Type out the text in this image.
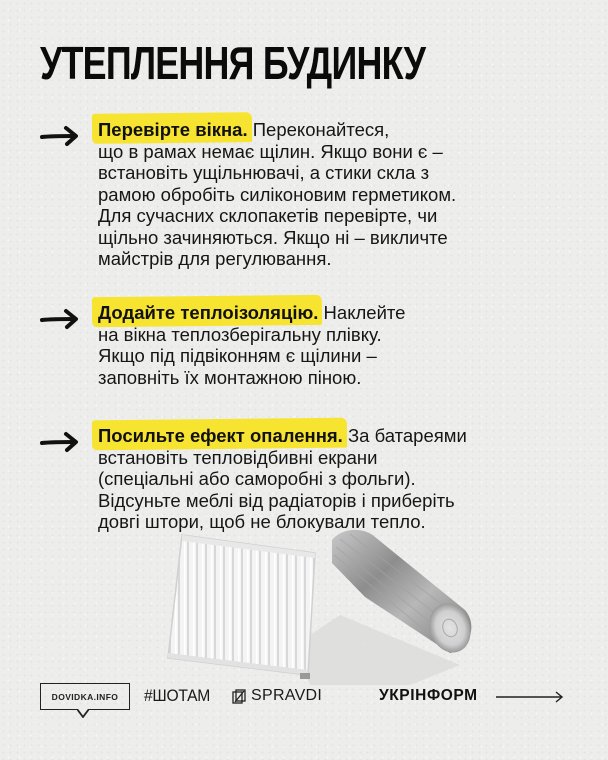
УТЕПЛЕННЯ БУДИНКУ
Перевірте вікна. Переконайтеся,
що в рамах немає щілин. Якщо вони є –
встановіть ущільнювачі, а стики скла з
рамою обробіть силіконовим герметиком.
Для сучасних склопакетів перевірте, чи
щільно зачиняються. Якщо ні – викличте
майстрів для регулювання.
Додайте теплоізоляцію. Наклейте
на вікна теплозберігальну плівку.
Якщо під підвіконням є щілини –
заповніть їх монтажною піною.
Посильте ефект опалення. За батареями
встановіть тепловідбивні екрани
(спеціальні або саморобні з фольги).
Відсуньте меблі від радіаторів і приберіть
довгі штори, щоб не блокували тепло.
DOVIDKA.INFO #ШОТАМ	SPRAVDI	УКРІНФОРМ
